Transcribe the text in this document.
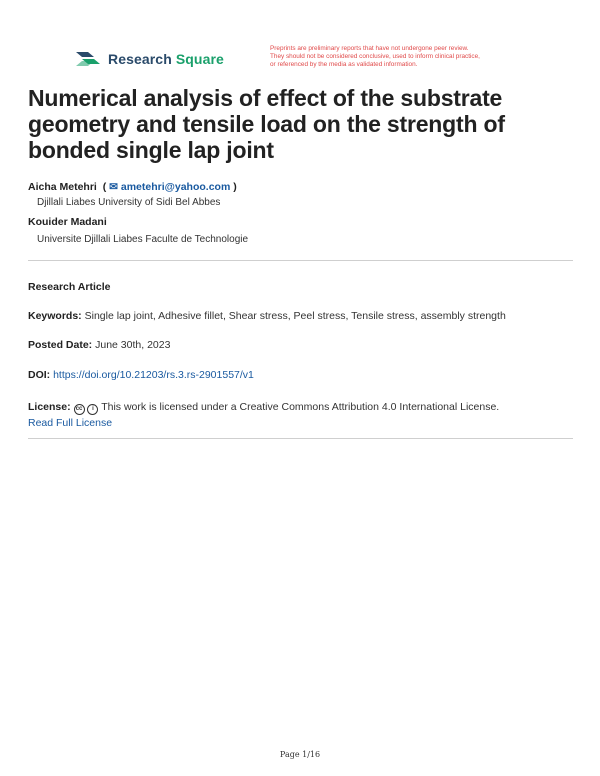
Research Square
Preprints are preliminary reports that have not undergone peer review.
They should not be considered conclusive, used to inform clinical practice,
or referenced by the media as validated information.
Numerical analysis of effect of the substrate geometry and tensile load on the strength of bonded single lap joint
Aicha Metehri  ( ✉ ametehri@yahoo.com )
Djillali Liabes University of Sidi Bel Abbes
Kouider Madani
Universite Djillali Liabes Faculte de Technologie
Research Article
Keywords: Single lap joint, Adhesive fillet, Shear stress, Peel stress, Tensile stress, assembly strength
Posted Date: June 30th, 2023
DOI: https://doi.org/10.21203/rs.3.rs-2901557/v1
License: cc i This work is licensed under a Creative Commons Attribution 4.0 International License.
Read Full License
Page 1/16
